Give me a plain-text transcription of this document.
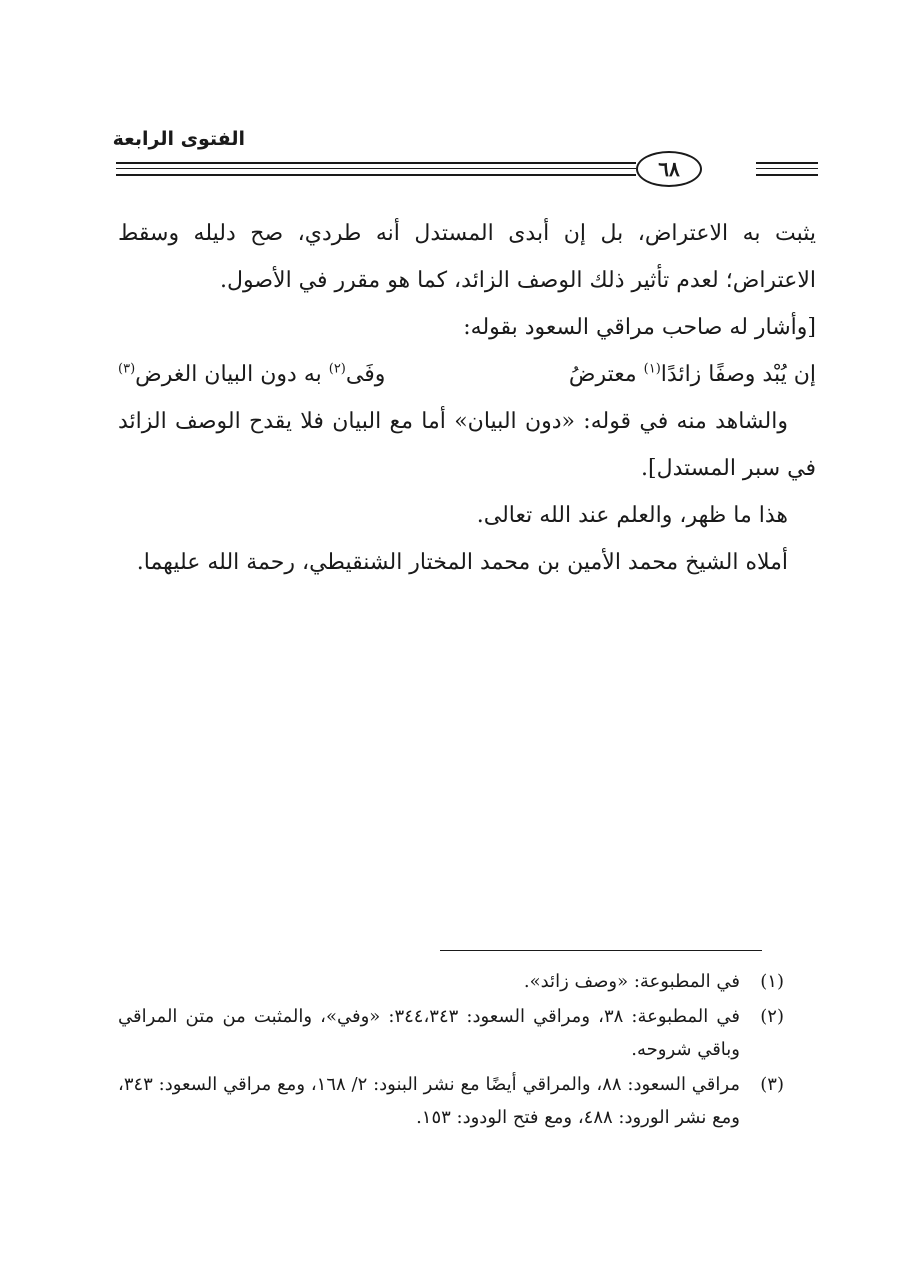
الفتوى الرابعة
٦٨

يثبت به الاعتراض، بل إن أبدى المستدل أنه طردي، صح دليله وسقط الاعتراض؛ لعدم تأثير ذلك الوصف الزائد، كما هو مقرر في الأصول.

[وأشار له صاحب مراقي السعود بقوله:

إن يُبْد وصفًا زائدًا$^{(١)}$ معترضُ
وفَى$^{(٢)}$ به دون البيان الغرض$^{(٣)}$

والشاهد منه في قوله: «دون البيان» أما مع البيان فلا يقدح الوصف الزائد في سبر المستدل].

هذا ما ظهر، والعلم عند الله تعالى.

أملاه الشيخ محمد الأمين بن محمد المختار الشنقيطي، رحمة الله عليهما.

(١)
في المطبوعة: «وصف زائد».
(٢)
في المطبوعة: ٣٨، ومراقي السعود: ٣٤٤،٣٤٣: «وفي»، والمثبت من متن المراقي وباقي شروحه.
(٣)
مراقي السعود: ٨٨، والمراقي أيضًا مع نشر البنود: ٢/ ١٦٨، ومع مراقي السعود: ٣٤٣، ومع نشر الورود: ٤٨٨، ومع فتح الودود: ١٥٣.
